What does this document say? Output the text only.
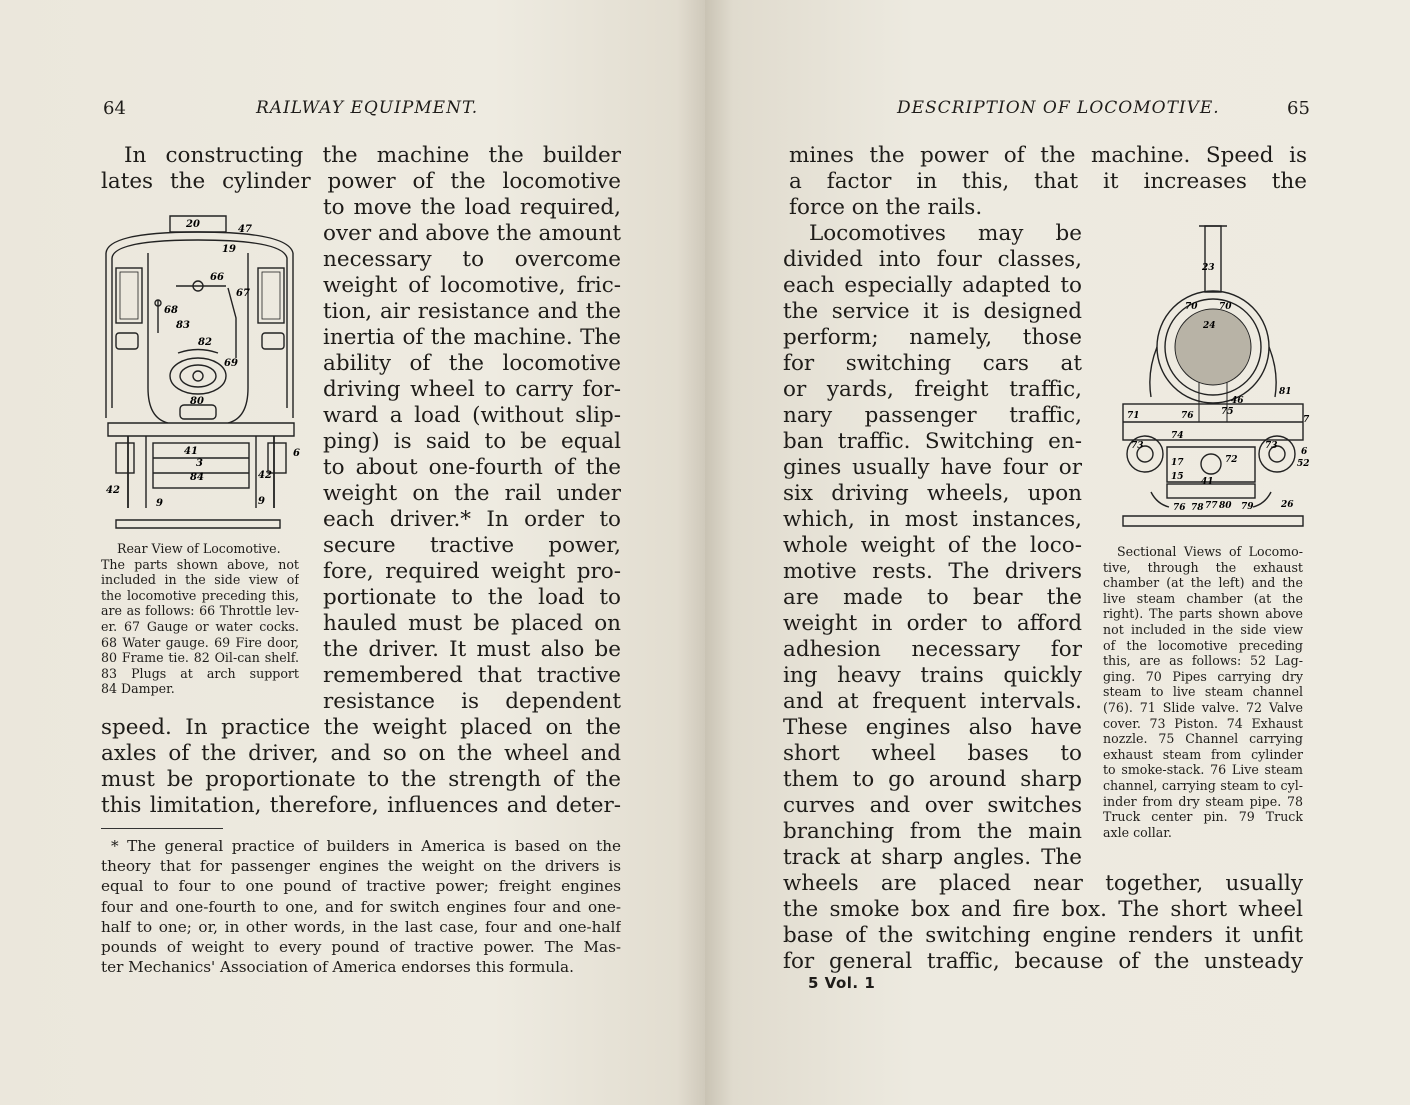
64	RAILWAY EQUIPMENT.
In constructing the machine the builder
lates the cylinder power of the locomotive
to move the load required,
over and above the amount
necessary to overcome
weight of locomotive, fric-
tion, air resistance and the
inertia of the machine. The
ability of the locomotive
driving wheel to carry for-
ward a load (without slip-
ping) is said to be equal
to about one-fourth of the
weight on the rail under
each driver.* In order to
secure tractive power,
fore, required weight pro-
portionate to the load to
hauled must be placed on
the driver. It must also be
remembered that tractive
resistance is dependent
speed. In practice the weight placed on the
axles of the driver, and so on the wheel and
must be proportionate to the strength of the
this limitation, therefore, influences and deter-
20	47
19
66
67
68
83
82
69
80
41
3
84
6
42
42
9	9
Rear View of Locomotive.
The parts shown above, not
included in the side view of
the locomotive preceding this,
are as follows: 66 Throttle lev-
er. 67 Gauge or water cocks.
68 Water gauge. 69 Fire door,
80 Frame tie. 82 Oil-can shelf.
83 Plugs at arch support
84 Damper.
* The general practice of builders in America is based on the
theory that for passenger engines the weight on the drivers is
equal to four to one pound of tractive power; freight engines
four and one-fourth to one, and for switch engines four and one-
half to one; or, in other words, in the last case, four and one-half
pounds of weight to every pound of tractive power. The Mas-
ter Mechanics' Association of America endorses this formula.
DESCRIPTION OF LOCOMOTIVE.	65
mines the power of the machine. Speed is
a factor in this, that it increases the
force on the rails.
Locomotives may be
divided into four classes,
each especially adapted to
the service it is designed
perform; namely, those
for switching cars at
or yards, freight traffic,
nary passenger traffic,
ban traffic. Switching en-
gines usually have four or
six driving wheels, upon
which, in most instances,
whole weight of the loco-
motive rests. The drivers
are made to bear the
weight in order to afford
adhesion necessary for
ing heavy trains quickly
and at frequent intervals.
These engines also have
short wheel bases to
them to go around sharp
curves and over switches
branching from the main
track at sharp angles. The
wheels are placed near together, usually
the smoke box and fire box. The short wheel
base of the switching engine renders it unfit
for general traffic, because of the unsteady
23
70 70
24
81
46
71	76	75
7
73
74
73
6
52
72
17
15 41
76 78 77 80 79	26
Sectional Views of Locomo-
tive, through the exhaust
chamber (at the left) and the
live steam chamber (at the
right). The parts shown above
not included in the side view
of the locomotive preceding
this, are as follows: 52 Lag-
ging. 70 Pipes carrying dry
steam to live steam channel
(76). 71 Slide valve. 72 Valve
cover. 73 Piston. 74 Exhaust
nozzle. 75 Channel carrying
exhaust steam from cylinder
to smoke-stack. 76 Live steam
channel, carrying steam to cyl-
inder from dry steam pipe. 78
Truck center pin. 79 Truck
axle collar.
5 Vol. 1
